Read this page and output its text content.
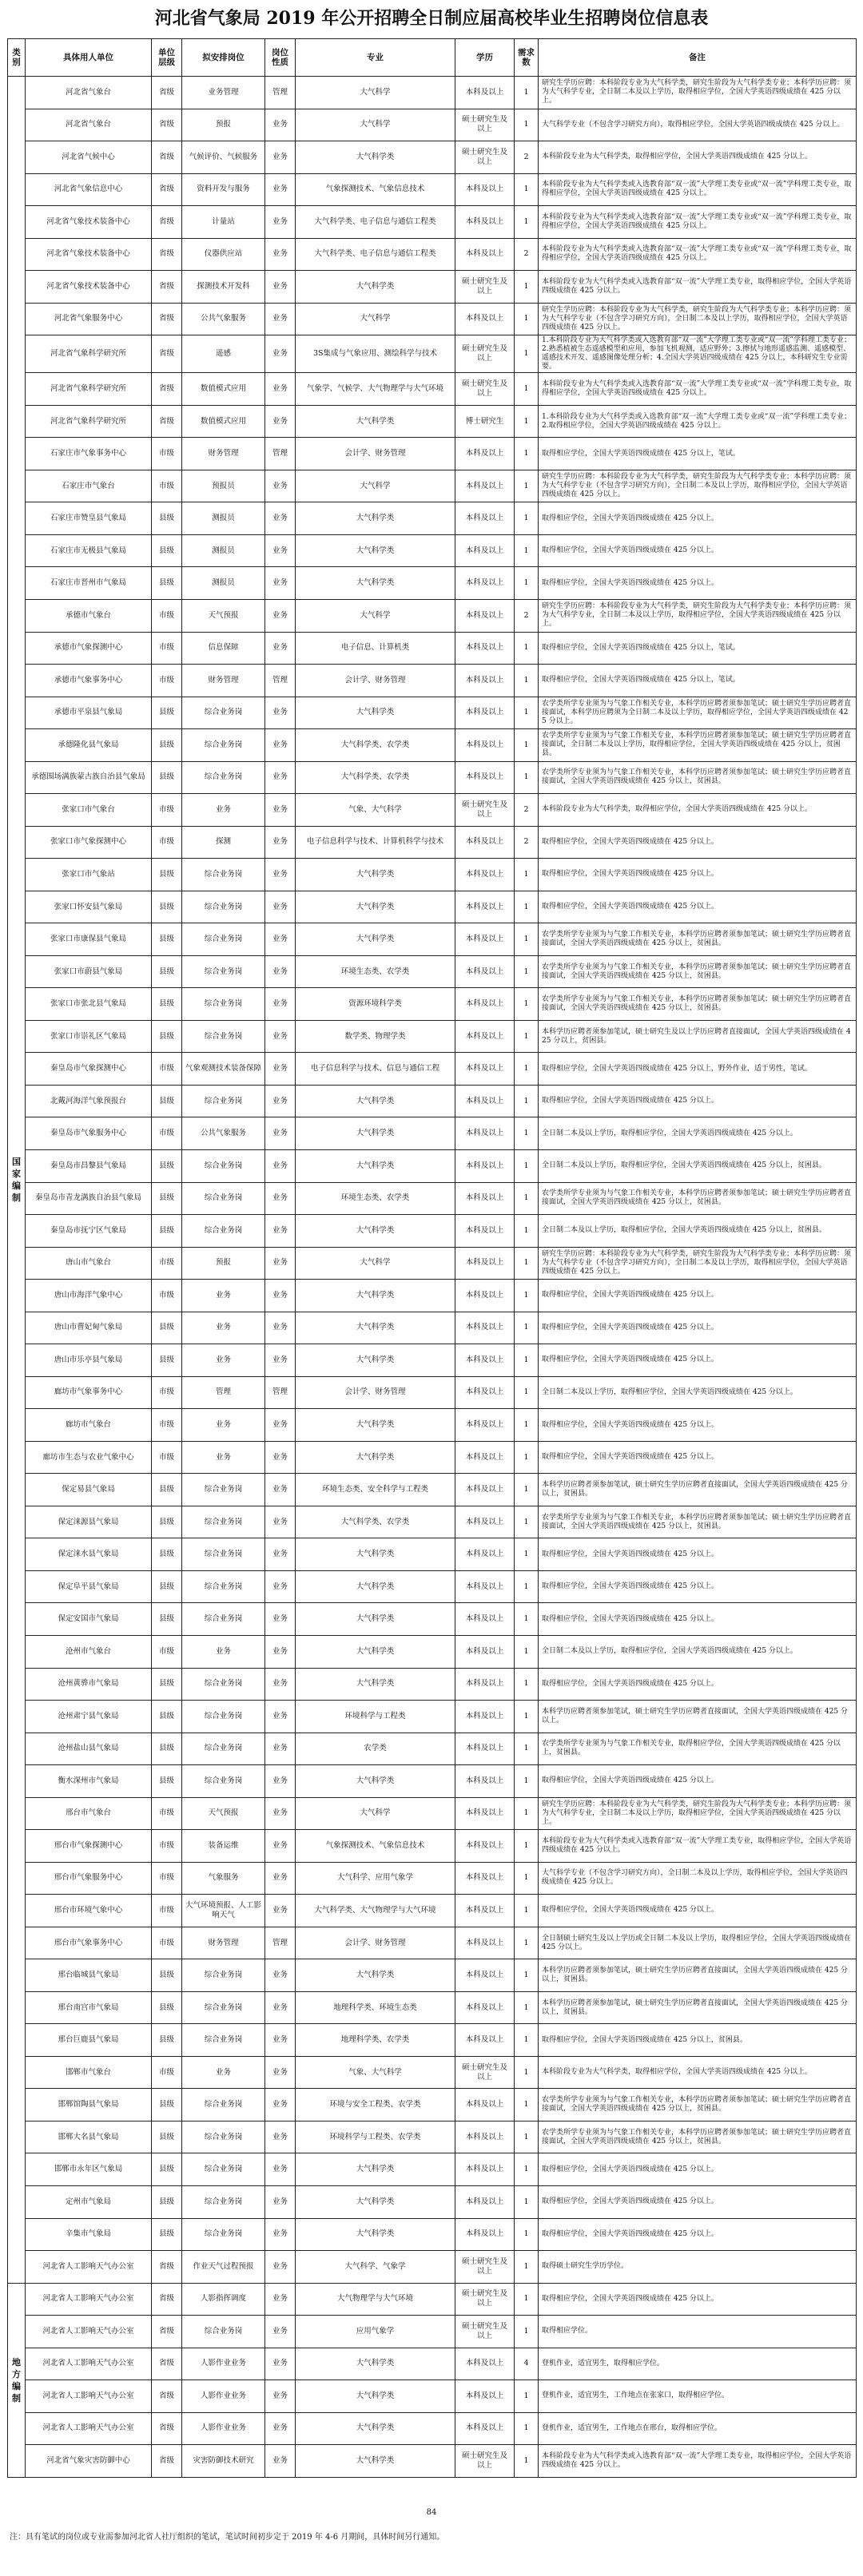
河北省气象局 2019 年公开招聘全日制应届高校毕业生招聘岗位信息表
类别	具体用人单位	单位层级	拟安排岗位	岗位性质	专业	学历	需求数	备注
国家编制	河北省气象台	省级	业务管理	管理	大气科学	本科及以上	1	研究生学历应聘：本科阶段专业为大气科学类，研究生阶段为大气科学类专业；本科学历应聘：须为大气科学专业，全日制二本及以上学历，取得相应学位，全国大学英语四级成绩在 425 分以上。
	河北省气象台	省级	预报	业务	大气科学	硕士研究生及以上	1	大气科学专业（不包含学习研究方向），取得相应学位，全国大学英语四级成绩在 425 分以上。
	河北省气候中心	省级	气候评价、气候服务	业务	大气科学类	硕士研究生及以上	2	本科阶段专业为大气科学类，取得相应学位，全国大学英语四级成绩在 425 分以上。
	河北省气象信息中心	省级	资料开发与服务	业务	气象探测技术、气象信息技术	本科及以上	1	本科阶段专业为大气科学类或入选教育部“双一流”大学理工类专业或“双一流”学科理工类专业，取得相应学位，全国大学英语四级成绩在 425 分以上。
	河北省气象技术装备中心	省级	计量站	业务	大气科学类、电子信息与通信工程类	本科及以上	1	本科阶段专业为大气科学类或入选教育部“双一流”大学理工类专业或“双一流”学科理工类专业，取得相应学位，全国大学英语四级成绩在 425 分以上。
	河北省气象技术装备中心	省级	仪器供应站	业务	大气科学类、电子信息与通信工程类	本科及以上	2	本科阶段专业为大气科学类或入选教育部“双一流”大学理工类专业或“双一流”学科理工类专业，取得相应学位，全国大学英语四级成绩在 425 分以上。
	河北省气象技术装备中心	省级	探测技术开发科	业务	大气科学类	硕士研究生及以上	1	本科阶段专业为大气科学类或入选教育部“双一流”大学理工类专业，取得相应学位，全国大学英语四级成绩在 425 分以上。
	河北省气象服务中心	省级	公共气象服务	业务	大气科学	本科及以上	1	研究生学历应聘：本科阶段专业为大气科学类，研究生阶段为大气科学类专业；本科学历应聘：须为大气科学专业（不包含学习研究方向），全日制二本及以上学历，取得相应学位，全国大学英语四级成绩在 425 分以上。
	河北省气象科学研究所	省级	遥感	业务	3S集成与气象应用、测绘科学与技术	硕士研究生及以上	1	1.本科阶段专业为大气科学类或入选教育部“双一流”大学理工类专业或“双一流”学科理工类专业；2.熟悉植被生态遥感模型和应用，参加飞机观测，适应野外；3.擦拭与地形遥感监测、遥感模型、遥感技术开发、遥感图像处理分析；4.全国大学英语四级成绩在 425 分以上，本科研究生专业需要。
	河北省气象科学研究所	省级	数值模式应用	业务	气象学、气候学、大气物理学与大气环境	硕士研究生及以上	1	本科阶段专业为大气科学类或入选教育部“双一流”大学理工类专业或“双一流”学科理工类专业，取得相应学位，全国大学英语四级成绩在 425 分以上。
	河北省气象科学研究所	省级	数值模式应用	业务	大气科学类	博士研究生	1	1.本科阶段专业为大气科学类或入选教育部“双一流”大学理工类专业或“双一流”学科理工类专业；2.取得相应学位，全国大学英语四级成绩在 425 分以上。
	石家庄市气象事务中心	市级	财务管理	管理	会计学、财务管理	本科及以上	1	取得相应学位，全国大学英语四级成绩在 425 分以上，笔试。
	石家庄市气象台	市级	预报员	业务	大气科学	本科及以上	1	研究生学历应聘：本科阶段专业为大气科学类，研究生阶段为大气科学类专业；本科学历应聘：须为大气科学专业（不包含学习研究方向），全日制二本及以上学历，取得相应学位，全国大学英语四级成绩在 425 分以上。
	石家庄市赞皇县气象局	县级	测报员	业务	大气科学类	本科及以上	1	取得相应学位，全国大学英语四级成绩在 425 分以上。
	石家庄市无极县气象局	县级	测报员	业务	大气科学类	本科及以上	1	取得相应学位，全国大学英语四级成绩在 425 分以上。
	石家庄市晋州市气象局	县级	测报员	业务	大气科学类	本科及以上	1	取得相应学位，全国大学英语四级成绩在 425 分以上。
	承德市气象台	市级	天气预报	业务	大气科学	本科及以上	2	研究生学历应聘：本科阶段专业为大气科学类，研究生阶段为大气科学类专业；本科学历应聘：须为大气科学专业，全日制二本及以上学历，取得相应学位，全国大学英语四级成绩在 425 分以上。
	承德市气象探测中心	市级	信息保障	业务	电子信息、计算机类	本科及以上	1	取得相应学位，全国大学英语四级成绩在 425 分以上，笔试。
	承德市气象事务中心	市级	财务管理	管理	会计学、财务管理	本科及以上	1	取得相应学位，全国大学英语四级成绩在 425 分以上，笔试。
	承德市平泉县气象局	县级	综合业务岗	业务	大气科学类	本科及以上	1	农学类所学专业须为与气象工作相关专业，本科学历应聘者须参加笔试；硕士研究生学历应聘者直接面试，本科学历应聘须为全日制二本及以上学历，取得相应学位，全国大学英语四级成绩在 425 分以上。
	承德隆化县气象局	县级	综合业务岗	业务	大气科学类、农学类	本科及以上	1	农学类所学专业须为与气象工作相关专业，本科学历应聘者须参加笔试；硕士研究生学历应聘者直接面试，全日制二本及以上学历，取得相应学位，全国大学英语四级成绩在 425 分以上，贫困县。
	承德围场满族蒙古族自治县气象局	县级	综合业务岗	业务	大气科学类、农学类	本科及以上	1	农学类所学专业须为与气象工作相关专业，本科学历应聘者须参加笔试；硕士研究生学历应聘者直接面试，全国大学英语四级成绩在 425 分以上，贫困县。
	张家口市气象台	市级	业务	业务	气象、大气科学	硕士研究生及以上	2	本科阶段专业为大气科学类，取得相应学位，全国大学英语四级成绩在 425 分以上。
	张家口市气象探测中心	市级	探测	业务	电子信息科学与技术、计算机科学与技术	本科及以上	2	取得相应学位，全国大学英语四级成绩在 425 分以上。
	张家口市气象站	县级	综合业务岗	业务	大气科学类	本科及以上	1	取得相应学位，全国大学英语四级成绩在 425 分以上。
	张家口怀安县气象局	县级	综合业务岗	业务	大气科学类	本科及以上	1	取得相应学位，全国大学英语四级成绩在 425 分以上。
	张家口市康保县气象局	县级	综合业务岗	业务	大气科学类	本科及以上	1	农学类所学专业须为与气象工作相关专业，本科学历应聘者须参加笔试；硕士研究生学历应聘者直接面试，全国大学英语四级成绩在 425 分以上，贫困县。
	张家口市蔚县气象局	县级	综合业务岗	业务	环境生态类、农学类	本科及以上	1	农学类所学专业须为与气象工作相关专业，本科学历应聘者须参加笔试；硕士研究生学历应聘者直接面试，全国大学英语四级成绩在 425 分以上，贫困县。
	张家口市张北县气象局	县级	综合业务岗	业务	资源环境科学类	本科及以上	1	农学类所学专业须为与气象工作相关专业，本科学历应聘者须参加笔试；硕士研究生学历应聘者直接面试，全国大学英语四级成绩在 425 分以上，贫困县。
	张家口市崇礼区气象局	县级	综合业务岗	业务	数学类、物理学类	本科及以上	1	本科学历应聘者须参加笔试，硕士研究生及以上学历应聘者直接面试，全国大学英语四级成绩在 425 分以上，贫困县。
	秦皇岛市气象探测中心	市级	气象观测技术装备保障	业务	电子信息科学与技术、信息与通信工程	本科及以上	1	取得相应学位，全国大学英语四级成绩在 425 分以上，野外作业，适于男性，笔试。
	北戴河海洋气象预报台	县级	综合业务岗	业务	大气科学类	本科及以上	1	取得相应学位，全国大学英语四级成绩在 425 分以上。
	秦皇岛市气象服务中心	市级	公共气象服务	业务	大气科学类	本科及以上	1	全日制二本及以上学历，取得相应学位，全国大学英语四级成绩在 425 分以上。
	秦皇岛市昌黎县气象局	县级	综合业务岗	业务	大气科学类	本科及以上	1	全日制二本及以上学历，取得相应学位，全国大学英语四级成绩在 425 分以上，贫困县。
	秦皇岛市青龙满族自治县气象局	县级	综合业务岗	业务	环境生态类、农学类	本科及以上	1	农学类所学专业须为与气象工作相关专业，本科学历应聘者须参加笔试；硕士研究生学历应聘者直接面试，全国大学英语四级成绩在 425 分以上，贫困县。
	秦皇岛市抚宁区气象局	县级	综合业务岗	业务	大气科学类	本科及以上	1	全日制二本及以上学历，取得相应学位，全国大学英语四级成绩在 425 分以上，贫困县。
	唐山市气象台	市级	预报	业务	大气科学	本科及以上	1	研究生学历应聘：本科阶段专业为大气科学类，研究生阶段为大气科学类专业；本科学历应聘：须为大气科学专业（不包含学习研究方向），全日制二本及以上学历，取得相应学位，全国大学英语四级成绩在 425 分以上。
	唐山市海洋气象中心	市级	业务	业务	大气科学类	本科及以上	1	取得相应学位，全国大学英语四级成绩在 425 分以上。
	唐山市曹妃甸气象局	县级	业务	业务	大气科学类	本科及以上	1	取得相应学位，全国大学英语四级成绩在 425 分以上。
	唐山市乐亭县气象局	县级	业务	业务	大气科学类	本科及以上	1	取得相应学位，全国大学英语四级成绩在 425 分以上。
	廊坊市气象事务中心	市级	管理	管理	会计学、财务管理	本科及以上	1	全日制二本及以上学历，取得相应学位，全国大学英语四级成绩在 425 分以上。
	廊坊市气象台	市级	业务	业务	大气科学类	本科及以上	1	取得相应学位，全国大学英语四级成绩在 425 分以上。
	廊坊市生态与农业气象中心	市级	业务	业务	大气科学类	本科及以上	1	取得相应学位，全国大学英语四级成绩在 425 分以上。
	保定易县气象局	县级	综合业务岗	业务	环境生态类、安全科学与工程类	本科及以上	1	本科学历应聘者须参加笔试，硕士研究生学历应聘者直接面试，全国大学英语四级成绩在 425 分以上，贫困县。
	保定涞源县气象局	县级	综合业务岗	业务	大气科学类、农学类	本科及以上	1	农学类所学专业须为与气象工作相关专业，本科学历应聘者须参加笔试；硕士研究生学历应聘者直接面试，全国大学英语四级成绩在 425 分以上，贫困县。
	保定涞水县气象局	县级	综合业务岗	业务	大气科学类	本科及以上	1	取得相应学位，全国大学英语四级成绩在 425 分以上。
	保定阜平县气象局	县级	综合业务岗	业务	大气科学类	本科及以上	1	取得相应学位，全国大学英语四级成绩在 425 分以上。
	保定安国市气象局	县级	综合业务岗	业务	大气科学类	本科及以上	1	取得相应学位，全国大学英语四级成绩在 425 分以上。
	沧州市气象台	市级	业务	业务	大气科学类	本科及以上	1	全日制二本及以上学历，取得相应学位，全国大学英语四级成绩在 425 分以上。
	沧州黄骅市气象局	县级	综合业务岗	业务	大气科学类	本科及以上	1	取得相应学位，全国大学英语四级成绩在 425 分以上。
	沧州肃宁县气象局	县级	综合业务岗	业务	环境科学与工程类	本科及以上	1	本科学历应聘者须参加笔试，硕士研究生学历应聘者直接面试，全国大学英语四级成绩在 425 分以上。
	沧州盐山县气象局	县级	综合业务岗	业务	农学类	本科及以上	1	农学类所学专业须为与气象工作相关专业，取得相应学位，全国大学英语四级成绩在 425 分以上，贫困县。
	衡水深州市气象局	县级	综合业务岗	业务	大气科学类	本科及以上	1	取得相应学位，全国大学英语四级成绩在 425 分以上。
	邢台市气象台	市级	天气预报	业务	大气科学	本科及以上	1	研究生学历应聘：本科阶段专业为大气科学类，研究生阶段为大气科学类专业；本科学历应聘：须为大气科学专业，全日制二本及以上学历，取得相应学位，全国大学英语四级成绩在 425 分以上。
	邢台市气象探测中心	市级	装备运维	业务	气象探测技术、气象信息技术	本科及以上	1	本科阶段专业为大气科学类或入选教育部“双一流”大学理工类专业，取得相应学位，全国大学英语四级成绩在 425 分以上。
	邢台市气象服务中心	市级	气象服务	业务	大气科学、应用气象学	本科及以上	1	大气科学专业（不包含学习研究方向），全日制二本及以上学历，取得相应学位，全国大学英语四级成绩在 425 分以上。
	邢台市环境气象中心	市级	大气环境预报、人工影响天气	业务	大气科学类、大气物理学与大气环境	本科及以上	1	取得相应学位，全国大学英语四级成绩在 425 分以上。
	邢台市气象事务中心	市级	财务管理	管理	会计学、财务管理	本科及以上	1	全日制硕士研究生及以上学历或全日制二本及以上学历，取得相应学位，全国大学英语四级成绩在 425 分以上。
	邢台临城县气象局	县级	综合业务岗	业务	大气科学类	本科及以上	1	本科学历应聘者须参加笔试，硕士研究生学历应聘者直接面试，全国大学英语四级成绩在 425 分以上，贫困县。
	邢台南宫市气象局	县级	综合业务岗	业务	地理科学类、环境生态类	本科及以上	1	本科学历应聘者须参加笔试，硕士研究生学历应聘者直接面试，全国大学英语四级成绩在 425 分以上，贫困县。
	邢台巨鹿县气象局	县级	综合业务岗	业务	地理科学类、农学类	本科及以上	1	取得相应学位，全国大学英语四级成绩在 425 分以上，贫困县。
	邯郸市气象台	市级	业务	业务	气象、大气科学	硕士研究生及以上	1	本科阶段专业为大气科学类，取得相应学位，全国大学英语四级成绩在 425 分以上。
	邯郸馆陶县气象局	县级	综合业务岗	业务	环境与安全工程类、农学类	本科及以上	1	农学类所学专业须为与气象工作相关专业，本科学历应聘者须参加笔试；硕士研究生学历应聘者直接面试，全国大学英语四级成绩在 425 分以上，贫困县。
	邯郸大名县气象局	县级	综合业务岗	业务	环境科学与工程类、农学类	本科及以上	1	农学类所学专业须为与气象工作相关专业，本科学历应聘者须参加笔试；硕士研究生学历应聘者直接面试，全国大学英语四级成绩在 425 分以上，贫困县。
	邯郸市永年区气象局	县级	综合业务岗	业务	大气科学类	本科及以上	1	取得相应学位，全国大学英语四级成绩在 425 分以上。
	定州市气象局	县级	综合业务岗	业务	大气科学类	本科及以上	1	取得相应学位，全国大学英语四级成绩在 425 分以上。
	辛集市气象局	县级	综合业务岗	业务	大气科学类	本科及以上	1	取得相应学位，全国大学英语四级成绩在 425 分以上。
	河北省人工影响天气办公室	省级	作业天气过程预报	业务	大气科学、气象学	硕士研究生及以上	1	取得硕士研究生学历学位。
地方编制	河北省人工影响天气办公室	省级	人影指挥调度	业务	大气物理学与大气环境	硕士研究生及以上	1	取得相应学位，全国大学英语四级成绩在 425 分以上。
	河北省人工影响天气办公室	省级	综合业务岗	业务	应用气象学	硕士研究生及以上	1	取得相应学位。
	河北省人工影响天气办公室	省级	人影作业业务	业务	大气科学类	本科及以上	4	登机作业，适宜男生，取得相应学位。
	河北省人工影响天气办公室	省级	人影作业业务	业务	大气科学类	本科及以上	1	登机作业，适宜男生，工作地点在张家口，取得相应学位。
	河北省人工影响天气办公室	省级	人影作业业务	业务	大气科学类	本科及以上	1	登机作业，适宜男生，工作地点在邢台，取得相应学位。
	河北省气象灾害防御中心	省级	灾害防御技术研究	业务	大气科学类	硕士研究生及以上	1	本科阶段专业为大气科学类或入选教育部“双一流”大学理工类专业，取得相应学位，全国大学英语四级成绩在 425 分以上。
84
注：具有笔试的岗位或专业需参加河北省人社厅组织的笔试，笔试时间初步定于 2019 年 4-6 月期间，具体时间另行通知。
